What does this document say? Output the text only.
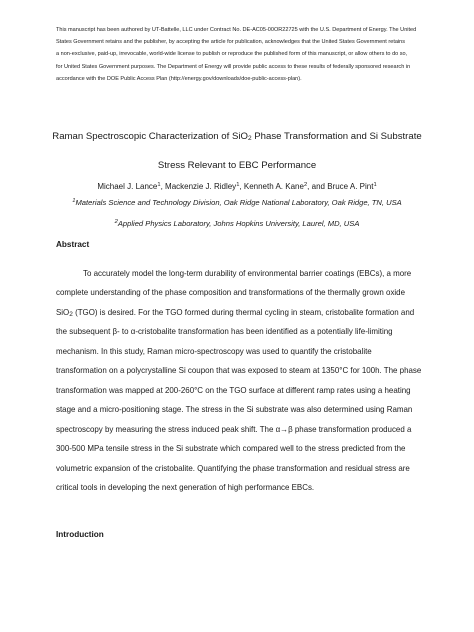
This manuscript has been authored by UT-Battelle, LLC under Contract No. DE-AC05-00OR22725 with the U.S. Department of Energy. The United

States Government retains and the publisher, by accepting the article for publication, acknowledges that the United States Government retains

a non-exclusive, paid-up, irrevocable, world-wide license to publish or reproduce the published form of this manuscript, or allow others to do so,

for United States Government purposes. The Department of Energy will provide public access to these results of federally sponsored research in

accordance with the DOE Public Access Plan (http://energy.gov/downloads/doe-public-access-plan).

Raman Spectroscopic Characterization of SiO$_2$ Phase Transformation and Si Substrate

Stress Relevant to EBC Performance

Michael J. Lance$^1$, Mackenzie J. Ridley$^1$, Kenneth A. Kane$^2$, and Bruce A. Pint$^1$
$^1$Materials Science and Technology Division, Oak Ridge National Laboratory, Oak Ridge, TN, USA
$^2$Applied Physics Laboratory, Johns Hopkins University, Laurel, MD, USA
Abstract
To accurately model the long-term durability of environmental barrier coatings (EBCs), a more
complete understanding of the phase composition and transformations of the thermally grown oxide
SiO$_2$ (TGO) is desired. For the TGO formed during thermal cycling in steam, cristobalite formation and
the subsequent β- to α-cristobalite transformation has been identified as a potentially life-limiting
mechanism. In this study, Raman micro-spectroscopy was used to quantify the cristobalite
transformation on a polycrystalline Si coupon that was exposed to steam at 1350°C for 100h. The phase
transformation was mapped at 200-260°C on the TGO surface at different ramp rates using a heating
stage and a micro-positioning stage. The stress in the Si substrate was also determined using Raman
spectroscopy by measuring the stress induced peak shift. The α→β phase transformation produced a
300-500 MPa tensile stress in the Si substrate which compared well to the stress predicted from the
volumetric expansion of the cristobalite. Quantifying the phase transformation and residual stress are
critical tools in developing the next generation of high performance EBCs.
Introduction
